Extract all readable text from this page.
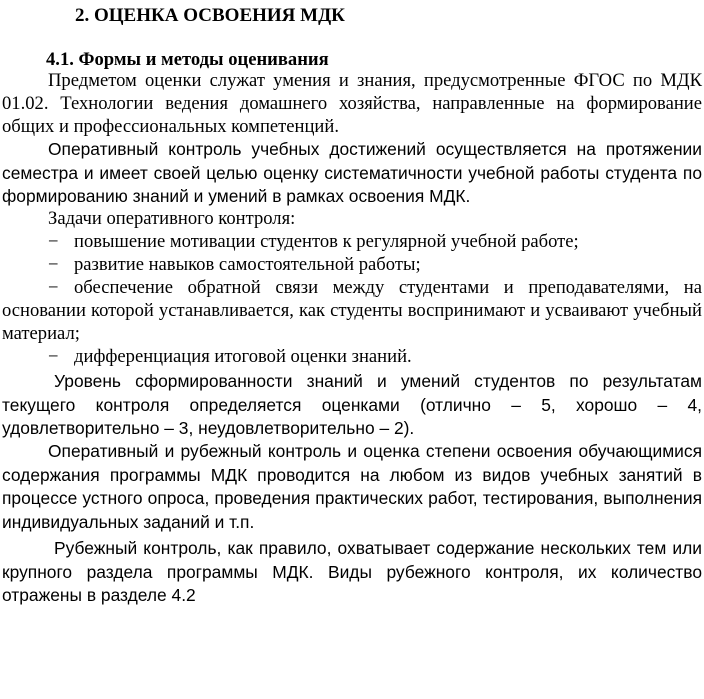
2. ОЦЕНКА ОСВОЕНИЯ МДК
4.1. Формы и методы оценивания

Предметом оценки служат умения и знания, предусмотренные ФГОС по МДК 01.02. Технологии ведения домашнего хозяйства, направленные на формирование общих и профессиональных компетенций.

Оперативный контроль учебных достижений осуществляется на протяжении семестра и имеет своей целью оценку систематичности учебной работы студента по формированию знаний и умений в рамках освоения МДК.

Задачи оперативного контроля:

− повышение мотивации студентов к регулярной учебной работе;
− развитие навыков самостоятельной работы;
− обеспечение обратной связи между студентами и преподавателями, на основании которой устанавливается, как студенты воспринимают и усваивают учебный материал;
− дифференциация итоговой оценки знаний.

Уровень сформированности знаний и умений студентов по результатам текущего контроля определяется оценками (отлично – 5, хорошо – 4, удовлетворительно – 3, неудовлетворительно – 2).

Оперативный и рубежный контроль и оценка степени освоения обучающимися содержания программы МДК проводится на любом из видов учебных занятий в процессе устного опроса, проведения практических работ, тестирования, выполнения индивидуальных заданий и т.п.

Рубежный контроль, как правило, охватывает содержание нескольких тем или крупного раздела программы МДК. Виды рубежного контроля, их количество отражены в разделе 4.2
